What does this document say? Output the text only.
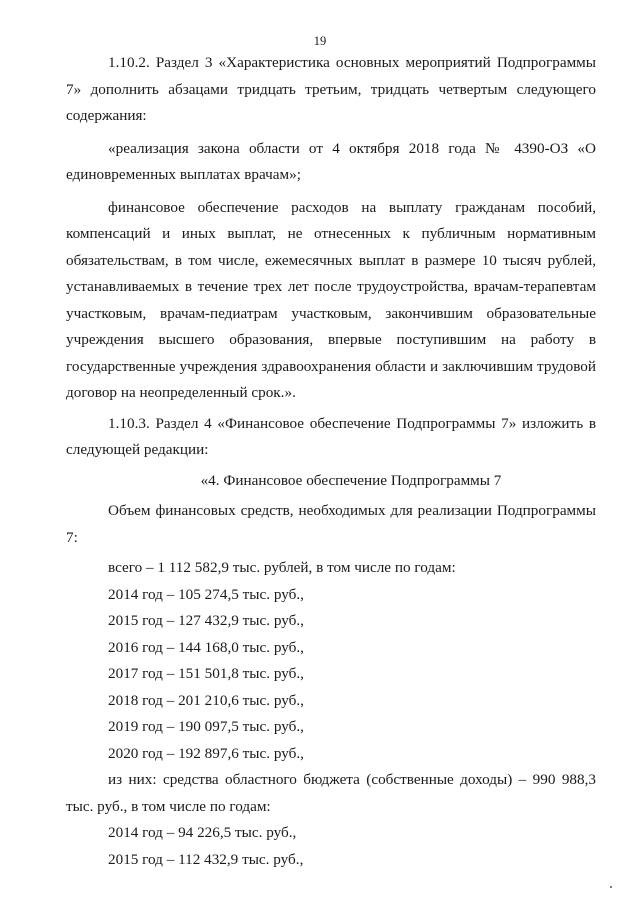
19

1.10.2. Раздел 3 «Характеристика основных мероприятий Подпрограммы 7» дополнить абзацами тридцать третьим, тридцать четвертым следующего содержания:

«реализация закона области от 4 октября 2018 года № 4390-ОЗ «О единовременных выплатах врачам»;

финансовое обеспечение расходов на выплату гражданам пособий, компенсаций и иных выплат, не отнесенных к публичным нормативным обязательствам, в том числе, ежемесячных выплат в размере 10 тысяч рублей, устанавливаемых в течение трех лет после трудоустройства, врачам-терапевтам участковым, врачам-педиатрам участковым, закончившим образовательные учреждения высшего образования, впервые поступившим на работу в государственные учреждения здравоохранения области и заключившим трудовой договор на неопределенный срок.».

1.10.3. Раздел 4 «Финансовое обеспечение Подпрограммы 7» изложить в следующей редакции:

«4. Финансовое обеспечение Подпрограммы 7

Объем финансовых средств, необходимых для реализации Подпрограммы 7:

всего – 1 112 582,9 тыс. рублей, в том числе по годам:

2014 год – 105 274,5 тыс. руб.,

2015 год – 127 432,9 тыс. руб.,

2016 год – 144 168,0 тыс. руб.,

2017 год – 151 501,8 тыс. руб.,

2018 год – 201 210,6 тыс. руб.,

2019 год – 190 097,5 тыс. руб.,

2020 год – 192 897,6 тыс. руб.,

из них: средства областного бюджета (собственные доходы) – 990 988,3 тыс. руб., в том числе по годам:

2014 год – 94 226,5 тыс. руб.,

2015 год – 112 432,9 тыс. руб.,
